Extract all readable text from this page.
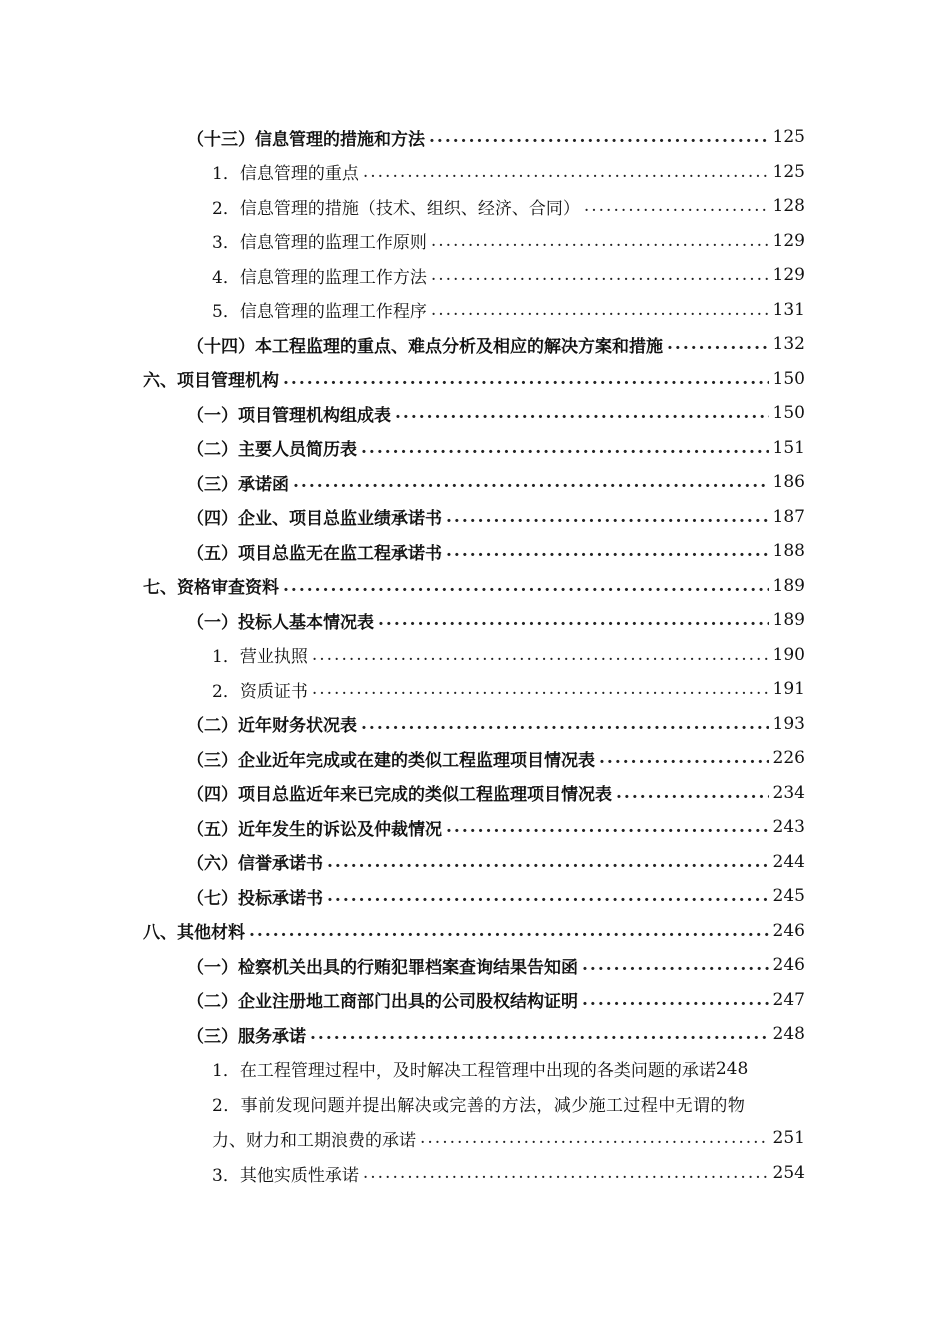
（十三）信息管理的措施和方法 .....	125
1．信息管理的重点 .....	125
2．信息管理的措施（技术、组织、经济、合同） .....	128
3．信息管理的监理工作原则 .....	129
4．信息管理的监理工作方法 .....	129
5．信息管理的监理工作程序 .....	131
（十四）本工程监理的重点、难点分析及相应的解决方案和措施 .....	132
六、项目管理机构 .....	150
（一）项目管理机构组成表 .....	150
（二）主要人员简历表 .....	151
（三）承诺函 .....	186
（四）企业、项目总监业绩承诺书 .....	187
（五）项目总监无在监工程承诺书 .....	188
七、资格审查资料 .....	189
（一）投标人基本情况表 .....	189
1．营业执照 .....	190
2．资质证书 .....	191
（二）近年财务状况表 .....	193
（三）企业近年完成或在建的类似工程监理项目情况表 .....	226
（四）项目总监近年来已完成的类似工程监理项目情况表 .....	234
（五）近年发生的诉讼及仲裁情况 .....	243
（六）信誉承诺书 .....	244
（七）投标承诺书 .....	245
八、其他材料 .....	246
（一）检察机关出具的行贿犯罪档案查询结果告知函 .....	246
（二）企业注册地工商部门出具的公司股权结构证明 .....	247
（三）服务承诺 .....	248
1．在工程管理过程中，及时解决工程管理中出现的各类问题的承诺 248
2．事前发现问题并提出解决或完善的方法，减少施工过程中无谓的物
力、财力和工期浪费的承诺 .....	251
3．其他实质性承诺 .....	254
